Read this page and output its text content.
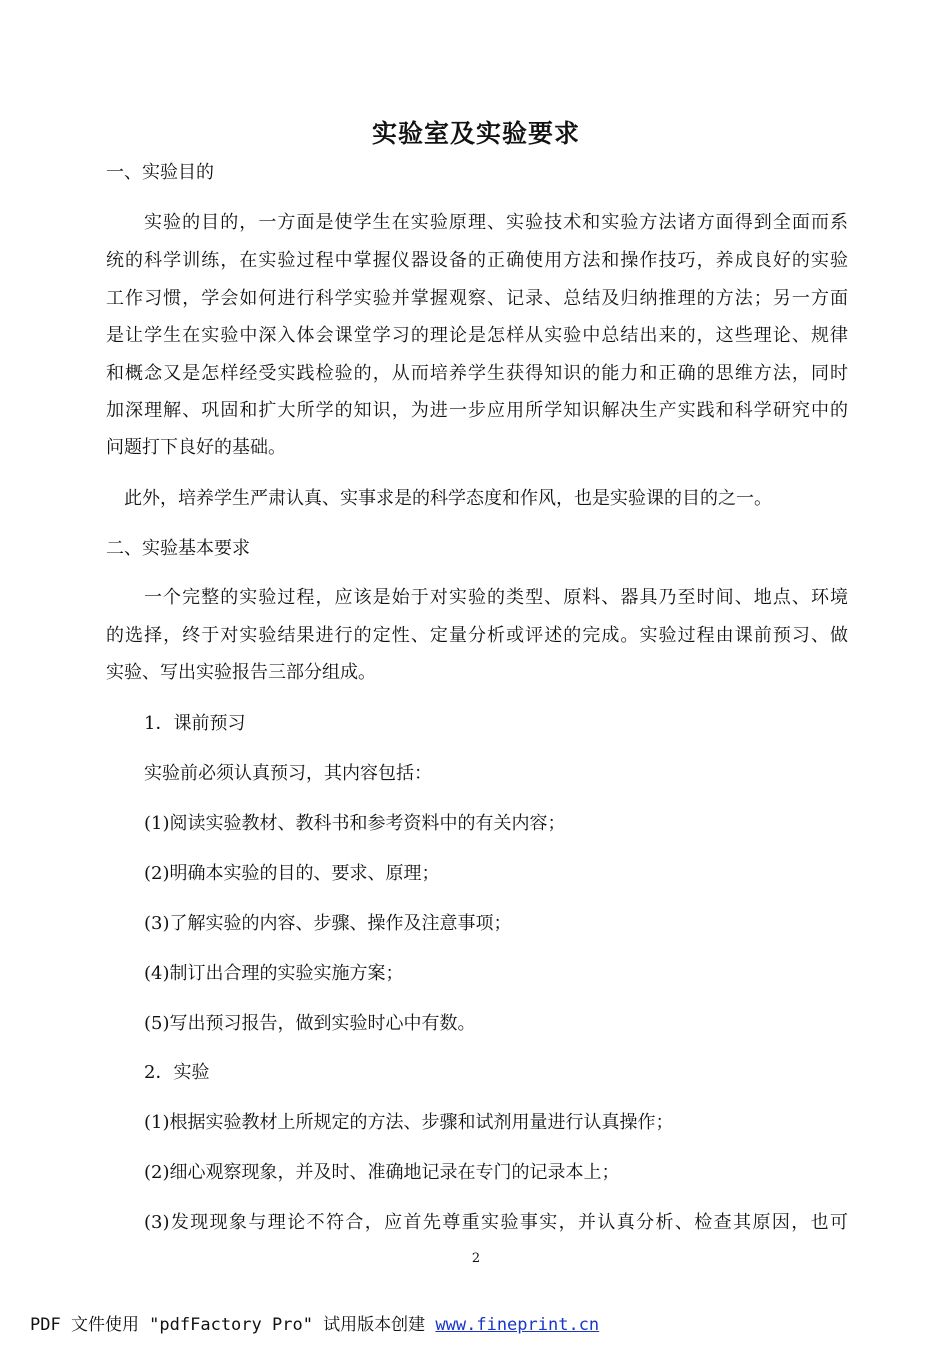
实验室及实验要求
一、实验目的
实验的目的，一方面是使学生在实验原理、实验技术和实验方法诸方面得到全面而系
统的科学训练，在实验过程中掌握仪器设备的正确使用方法和操作技巧，养成良好的实验
工作习惯，学会如何进行科学实验并掌握观察、记录、总结及归纳推理的方法；另一方面
是让学生在实验中深入体会课堂学习的理论是怎样从实验中总结出来的，这些理论、规律
和概念又是怎样经受实践检验的，从而培养学生获得知识的能力和正确的思维方法，同时
加深理解、巩固和扩大所学的知识，为进一步应用所学知识解决生产实践和科学研究中的
问题打下良好的基础。
此外，培养学生严肃认真、实事求是的科学态度和作风，也是实验课的目的之一。
二、实验基本要求
一个完整的实验过程，应该是始于对实验的类型、原料、器具乃至时间、地点、环境
的选择，终于对实验结果进行的定性、定量分析或评述的完成。实验过程由课前预习、做
实验、写出实验报告三部分组成。
1．课前预习
实验前必须认真预习，其内容包括：
(1)阅读实验教材、教科书和参考资料中的有关内容；
(2)明确本实验的目的、要求、原理；
(3)了解实验的内容、步骤、操作及注意事项；
(4)制订出合理的实验实施方案；
(5)写出预习报告，做到实验时心中有数。
2．实验
(1)根据实验教材上所规定的方法、步骤和试剂用量进行认真操作；
(2)细心观察现象，并及时、准确地记录在专门的记录本上；
(3)发现现象与理论不符合，应首先尊重实验事实，并认真分析、检查其原因，也可
2
PDF 文件使用 "pdfFactory Pro" 试用版本创建 www.fineprint.cn
